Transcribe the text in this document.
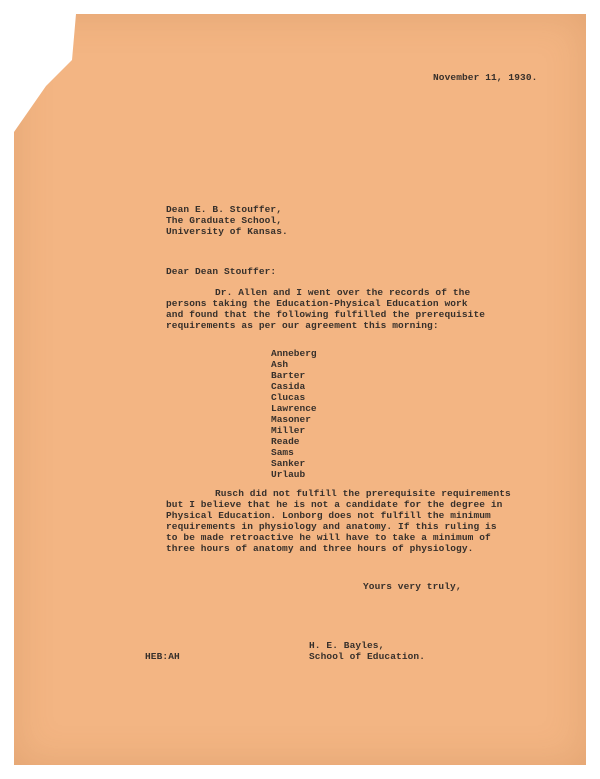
November 11, 1930.
Dean E. B. Stouffer,
The Graduate School,
University of Kansas.
Dear Dean Stouffer:
Dr. Allen and I went over the records of the
persons taking the Education-Physical Education work
and found that the following fulfilled the prerequisite
requirements as per our agreement this morning:
Anneberg
Ash
Barter
Casida
Clucas
Lawrence
Masoner
Miller
Reade
Sams
Sanker
Urlaub
Rusch did not fulfill the prerequisite requirements
but I believe that he is not a candidate for the degree in
Physical Education. Lonborg does not fulfill the minimum
requirements in physiology and anatomy. If this ruling is
to be made retroactive he will have to take a minimum of
three hours of anatomy and three hours of physiology.
Yours very truly,
H. E. Bayles,
School of Education.
HEB:AH
